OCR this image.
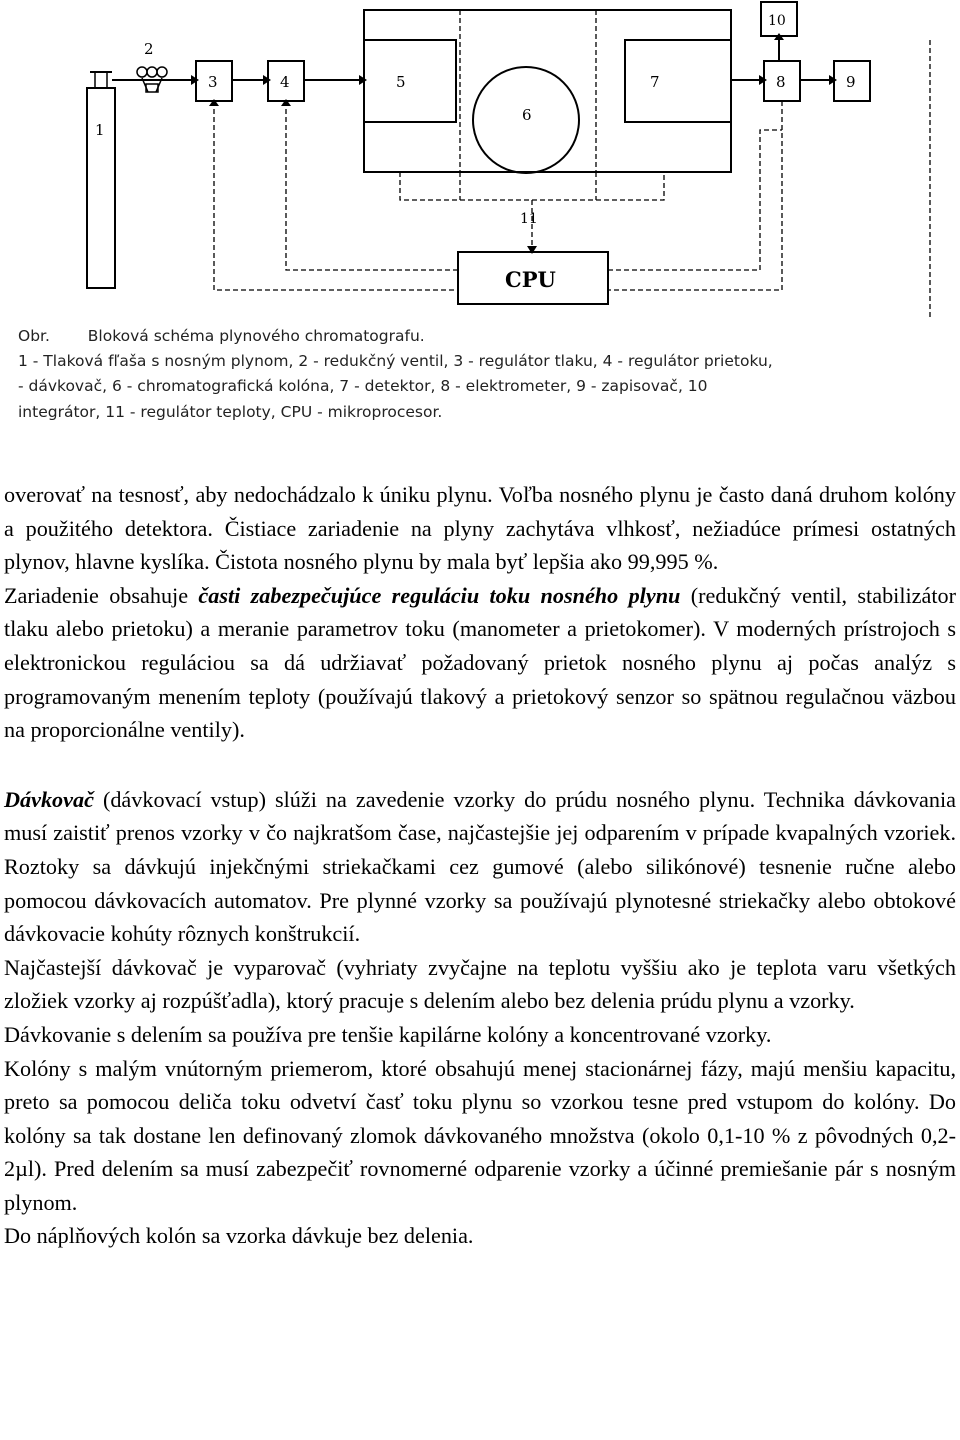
1
2
3	4	5
6
7	8	9
10
11
CPU
Obr. Bloková schéma plynového chromatografu.
1 - Tlaková fľaša s nosným plynom, 2 - redukčný ventil, 3 - regulátor tlaku, 4 - regulátor prietoku,
- dávkovač, 6 - chromatografická kolóna, 7 - detektor, 8 - elektrometer, 9 - zapisovač, 10
integrátor, 11 - regulátor teploty, CPU - mikroprocesor.

overovať na tesnosť, aby nedochádzalo k úniku plynu. Voľba nosného plynu je často daná druhom kolóny a použitého detektora. Čistiace zariadenie na plyny zachytáva vlhkosť, nežiadúce prímesi ostatných plynov, hlavne kyslíka. Čistota nosného plynu by mala byť lepšia ako 99,995 %.

Zariadenie obsahuje časti zabezpečujúce reguláciu toku nosného plynu (redukčný ventil, stabilizátor tlaku alebo prietoku) a meranie parametrov toku (manometer a prietokomer). V moderných prístrojoch s elektronickou reguláciou sa dá udržiavať požadovaný prietok nosného plynu aj počas analýz s programovaným menením teploty (používajú tlakový a prietokový senzor so spätnou regulačnou väzbou na proporcionálne ventily).

Dávkovač (dávkovací vstup) slúži na zavedenie vzorky do prúdu nosného plynu. Technika dávkovania musí zaistiť prenos vzorky v čo najkratšom čase, najčastejšie jej odparením v prípade kvapalných vzoriek. Roztoky sa dávkujú injekčnými striekačkami cez gumové (alebo silikónové) tesnenie ručne alebo pomocou dávkovacích automatov. Pre plynné vzorky sa používajú plynotesné striekačky alebo obtokové dávkovacie kohúty rôznych konštrukcií.

Najčastejší dávkovač je vyparovač (vyhriaty zvyčajne na teplotu vyššiu ako je teplota varu všetkých zložiek vzorky aj rozpúšťadla), ktorý pracuje s delením alebo bez delenia prúdu plynu a vzorky.

Dávkovanie s delením sa používa pre tenšie kapilárne kolóny a koncentrované vzorky.

Kolóny s malým vnútorným priemerom, ktoré obsahujú menej stacionárnej fázy, majú menšiu kapacitu, preto sa pomocou deliča toku odvetví časť toku plynu so vzorkou tesne pred vstupom do kolóny. Do kolóny sa tak dostane len definovaný zlomok dávkovaného množstva (okolo 0,1-10 % z pôvodných 0,2-2µl). Pred delením sa musí zabezpečiť rovnomerné odparenie vzorky a účinné premiešanie pár s nosným plynom.

Do náplňových kolón sa vzorka dávkuje bez delenia.
